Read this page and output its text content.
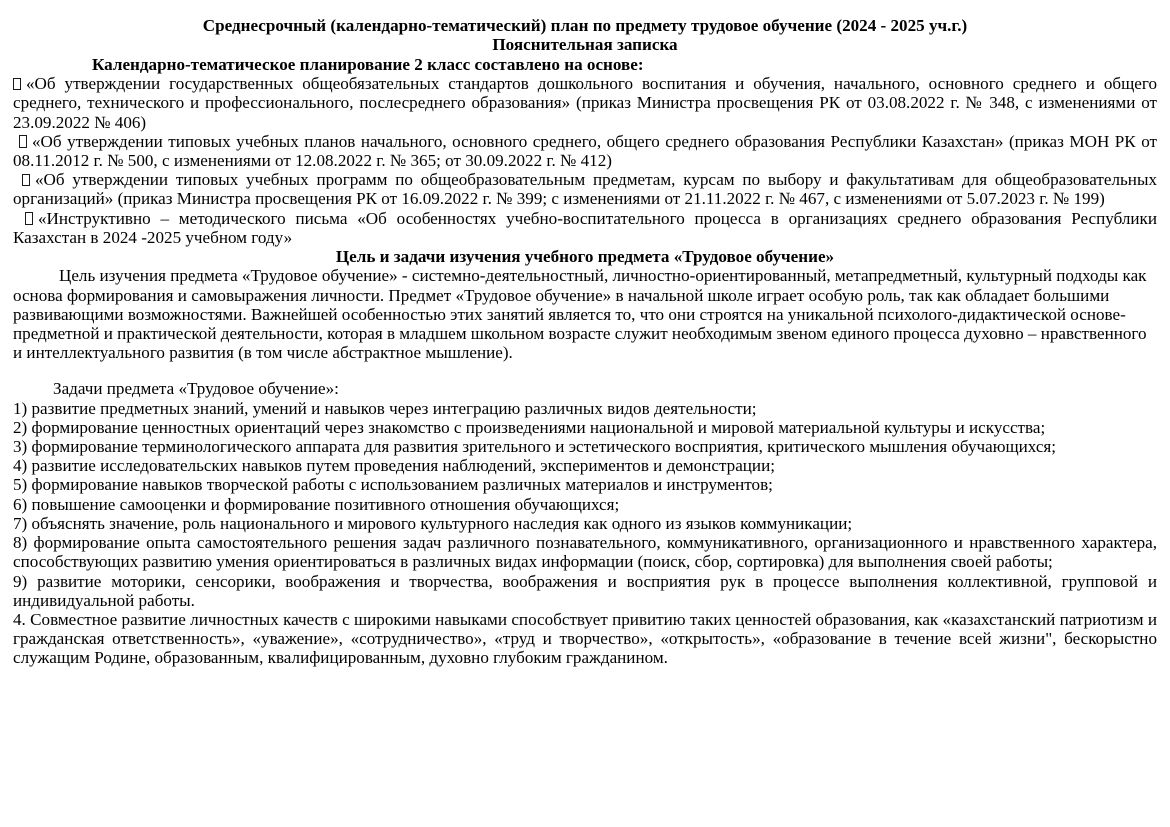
Среднесрочный (календарно-тематический) план по предмету трудовое обучение (2024 - 2025 уч.г.)
Пояснительная записка
Календарно-тематическое планирование 2 класс составлено на основе:
«Об утверждении государственных общеобязательных стандартов дошкольного воспитания и обучения, начального, основного среднего и общего среднего, технического и профессионального, послесреднего образования» (приказ Министра просвещения РК от 03.08.2022 г. № 348, с изменениями от 23.09.2022 № 406)
«Об утверждении типовых учебных планов начального, основного среднего, общего среднего образования Республики Казахстан» (приказ МОН РК от 08.11.2012 г. № 500, с изменениями от 12.08.2022 г. № 365; от 30.09.2022 г. № 412)
«Об утверждении типовых учебных программ по общеобразовательным предметам, курсам по выбору и факультативам для общеобразовательных организаций» (приказ Министра просвещения РК от 16.09.2022 г. № 399; с изменениями от 21.11.2022 г. № 467, с изменениями от 5.07.2023 г. № 199)
«Инструктивно – методического письма «Об особенностях учебно-воспитательного процесса в организациях среднего образования Республики Казахстан в 2024 -2025 учебном году»
Цель и задачи изучения учебного предмета «Трудовое обучение»
Цель изучения предмета «Трудовое обучение» - системно-деятельностный, личностно-ориентированный, метапредметный, культурный подходы как основа формирования и самовыражения личности. Предмет «Трудовое обучение» в начальной школе играет особую роль, так как обладает большими развивающими возможностями. Важнейшей особенностью этих занятий является то, что они строятся на уникальной психолого-дидактической основе-предметной и практической деятельности, которая в младшем школьном возрасте служит необходимым звеном единого процесса духовно – нравственного и интеллектуального развития (в том числе абстрактное мышление).
Задачи предмета «Трудовое обучение»:
1) развитие предметных знаний, умений и навыков через интеграцию различных видов деятельности;
2) формирование ценностных ориентаций через знакомство с произведениями национальной и мировой материальной культуры и искусства;
3) формирование терминологического аппарата для развития зрительного и эстетического восприятия, критического мышления обучающихся;
4) развитие исследовательских навыков путем проведения наблюдений, экспериментов и демонстрации;
5) формирование навыков творческой работы с использованием различных материалов и инструментов;
6) повышение самооценки и формирование позитивного отношения обучающихся;
7) объяснять значение, роль национального и мирового культурного наследия как одного из языков коммуникации;
8) формирование опыта самостоятельного решения задач различного познавательного, коммуникативного, организационного и нравственного характера, способствующих развитию умения ориентироваться в различных видах информации (поиск, сбор, сортировка) для выполнения своей работы;
9) развитие моторики, сенсорики, воображения и творчества, воображения и восприятия рук в процессе выполнения коллективной, групповой и индивидуальной работы.
4. Совместное развитие личностных качеств с широкими навыками способствует привитию таких ценностей образования, как «казахстанский патриотизм и гражданская ответственность», «уважение», «сотрудничество», «труд и творчество», «открытость», «образование в течение всей жизни", бескорыстно служащим Родине, образованным, квалифицированным, духовно глубоким гражданином.
